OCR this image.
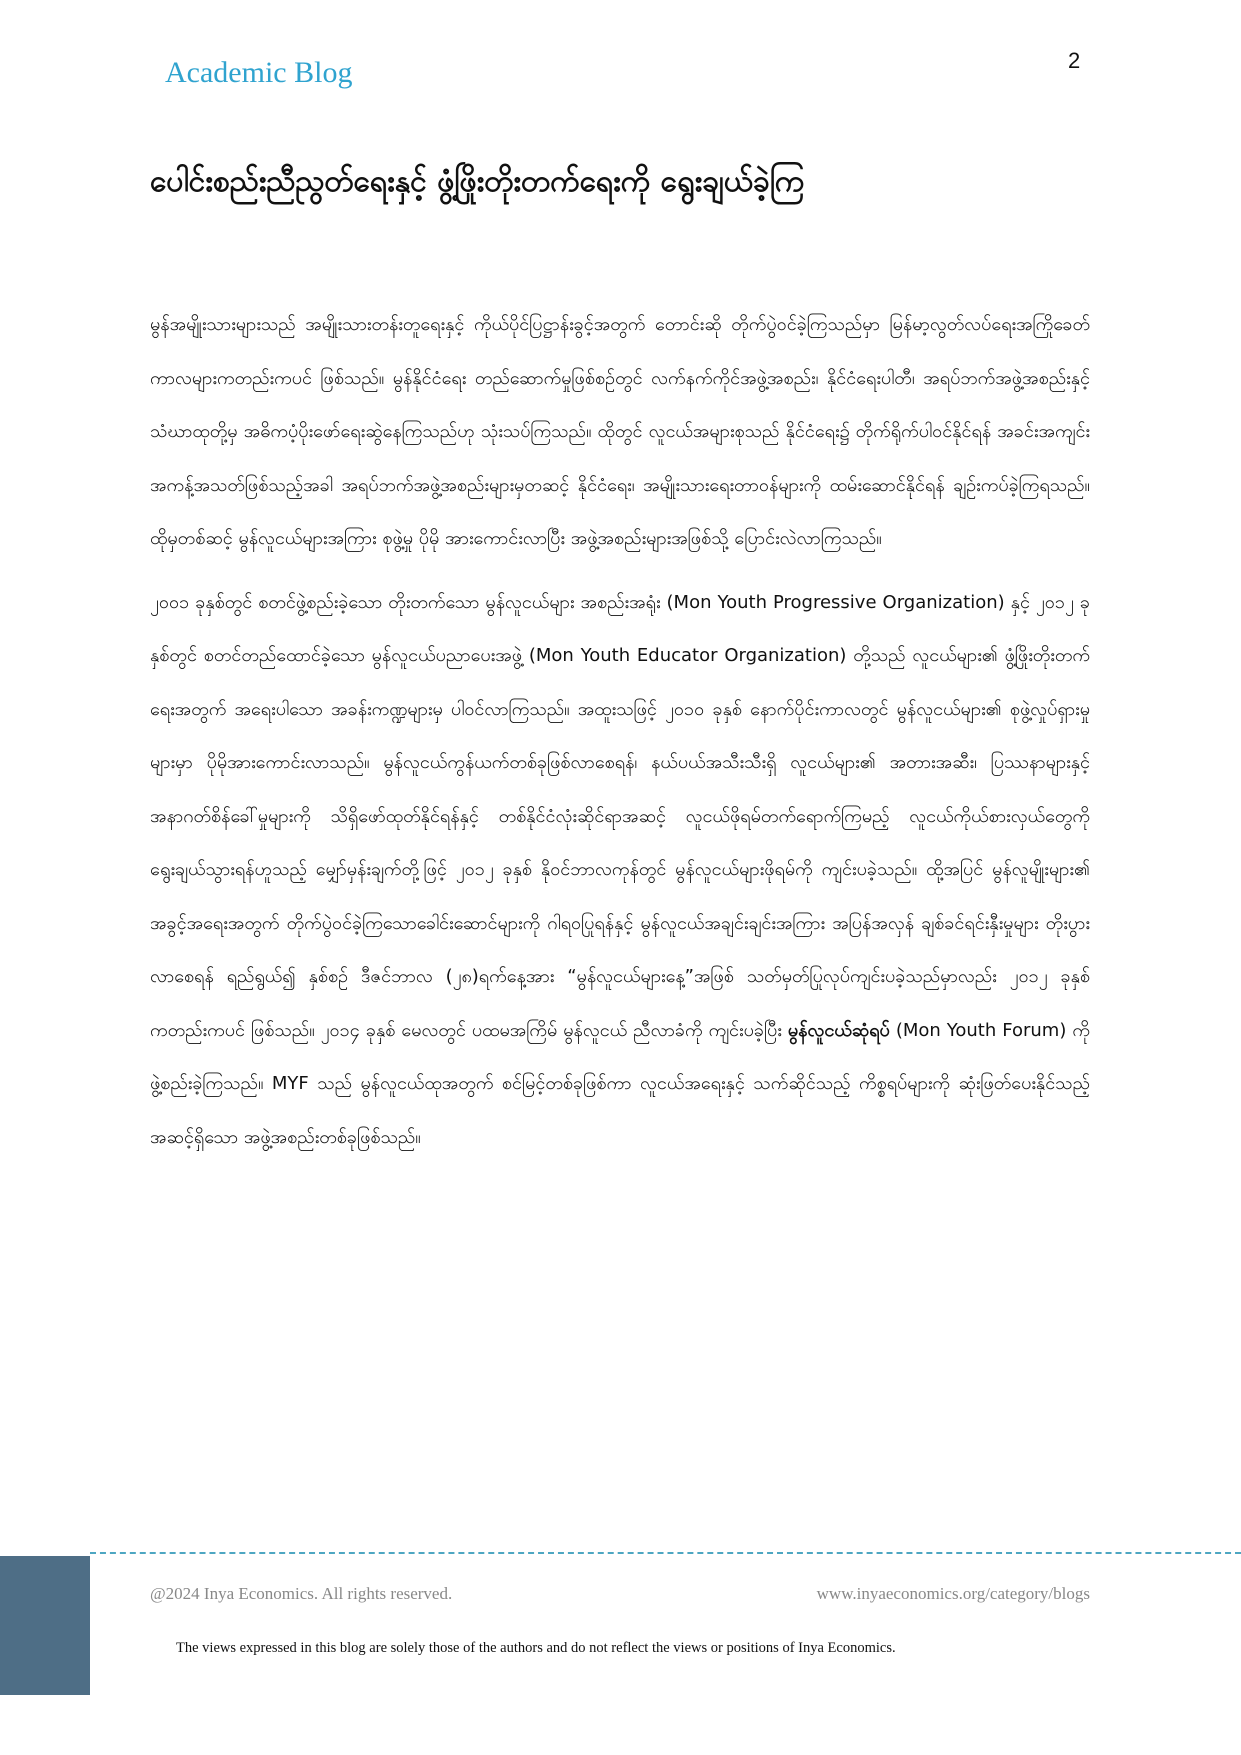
Academic Blog	2
ပေါင်းစည်းညီညွတ်ရေးနှင့် ဖွံ့ဖြိုးတိုးတက်ရေးကို ရွေးချယ်ခဲ့ကြ

မွန်အမျိုးသားများသည် အမျိုးသားတန်းတူရေးနှင့် ကိုယ်ပိုင်ပြဋ္ဌာန်းခွင့်အတွက် တောင်းဆို တိုက်ပွဲဝင်ခဲ့ကြသည်မှာ မြန်မာ့လွတ်လပ်ရေးအကြိုခေတ် ကာလများကတည်းကပင် ဖြစ်သည်။ မွန်နိုင်ငံရေး တည်ဆောက်မှုဖြစ်စဉ်တွင် လက်နက်ကိုင်အဖွဲ့အစည်း၊ နိုင်ငံရေးပါတီ၊ အရပ်ဘက်အဖွဲ့အစည်းနှင့် သံဃာထုတို့မှ အဓိကပံ့ပိုးဖော်ရေးဆွဲနေကြသည်ဟု သုံးသပ်ကြသည်။ ထိုတွင် လူငယ်အများစုသည် နိုင်ငံရေး၌ တိုက်ရိုက်ပါဝင်နိုင်ရန် အခင်းအကျင်း အကန့်အသတ်ဖြစ်သည့်အခါ အရပ်ဘက်အဖွဲ့အစည်းများမှတဆင့် နိုင်ငံရေး၊ အမျိုးသားရေးတာဝန်များကို ထမ်းဆောင်နိုင်ရန် ချဉ်းကပ်ခဲ့ကြရသည်။ ထိုမှတစ်ဆင့် မွန်လူငယ်များအကြား စုဖွဲ့မှု ပိုမို အားကောင်းလာပြီး အဖွဲ့အစည်းများအဖြစ်သို့ ပြောင်းလဲလာကြသည်။

၂၀၀၁ ခုနှစ်တွင် စတင်ဖွဲ့စည်းခဲ့သော တိုးတက်သော မွန်လူငယ်များ အစည်းအရုံး (Mon Youth Progressive Organization) နှင့် ၂၀၁၂ ခုနှစ်တွင် စတင်တည်ထောင်ခဲ့သော မွန်လူငယ်ပညာပေးအဖွဲ့ (Mon Youth Educator Organization) တို့သည် လူငယ်များ၏ ဖွံ့ဖြိုးတိုးတက်ရေးအတွက် အရေးပါသော အခန်းကဏ္ဍများမှ ပါဝင်လာကြသည်။ အထူးသဖြင့် ၂၀၁၀ ခုနှစ် နောက်ပိုင်းကာလတွင် မွန်လူငယ်များ၏ စုဖွဲ့လှုပ်ရှားမှုများမှာ ပိုမိုအားကောင်းလာသည်။ မွန်လူငယ်ကွန်ယက်တစ်ခုဖြစ်လာစေရန်၊ နယ်ပယ်အသီးသီးရှိ လူငယ်များ၏ အတားအဆီး၊ ပြဿနာများနှင့် အနာဂတ်စိန်ခေါ်မှုများကို သိရှိဖော်ထုတ်နိုင်ရန်နှင့် တစ်နိုင်ငံလုံးဆိုင်ရာအဆင့် လူငယ်ဖိုရမ်တက်ရောက်ကြမည့် လူငယ်ကိုယ်စားလှယ်တွေကို ရွေးချယ်သွားရန်ဟူသည့် မျှော်မှန်းချက်တို့ဖြင့် ၂၀၁၂ ခုနှစ် နိုဝင်ဘာလကုန်တွင် မွန်လူငယ်များဖိုရမ်ကို ကျင်းပခဲ့သည်။ ထို့အပြင် မွန်လူမျိုးများ၏ အခွင့်အရေးအတွက် တိုက်ပွဲဝင်ခဲ့ကြသောခေါင်းဆောင်များကို ဂါရဝပြုရန်နှင့် မွန်လူငယ်အချင်းချင်းအကြား အပြန်အလှန် ချစ်ခင်ရင်းနှီးမှုများ တိုးပွားလာစေရန် ရည်ရွယ်၍ နှစ်စဉ် ဒီဇင်ဘာလ (၂၈)ရက်နေ့အား “မွန်လူငယ်များနေ့”အဖြစ် သတ်မှတ်ပြုလုပ်ကျင်းပခဲ့သည်မှာလည်း ၂၀၁၂ ခုနှစ် ကတည်းကပင် ဖြစ်သည်။ ၂၀၁၄ ခုနှစ် မေလတွင် ပထမအကြိမ် မွန်လူငယ် ညီလာခံကို ကျင်းပခဲ့ပြီး မွန်လူငယ်ဆုံရပ် (Mon Youth Forum) ကိုဖွဲ့စည်းခဲ့ကြသည်။ MYF သည် မွန်လူငယ်ထုအတွက် စင်မြင့်တစ်ခုဖြစ်ကာ လူငယ်အရေးနှင့် သက်ဆိုင်သည့် ကိစ္စရပ်များကို ဆုံးဖြတ်ပေးနိုင်သည့်အဆင့်ရှိသော အဖွဲ့အစည်းတစ်ခုဖြစ်သည်။

@2024 Inya Economics. All rights reserved.	www.inyaeconomics.org/category/blogs
The views expressed in this blog are solely those of the authors and do not reflect the views or positions of Inya Economics.
